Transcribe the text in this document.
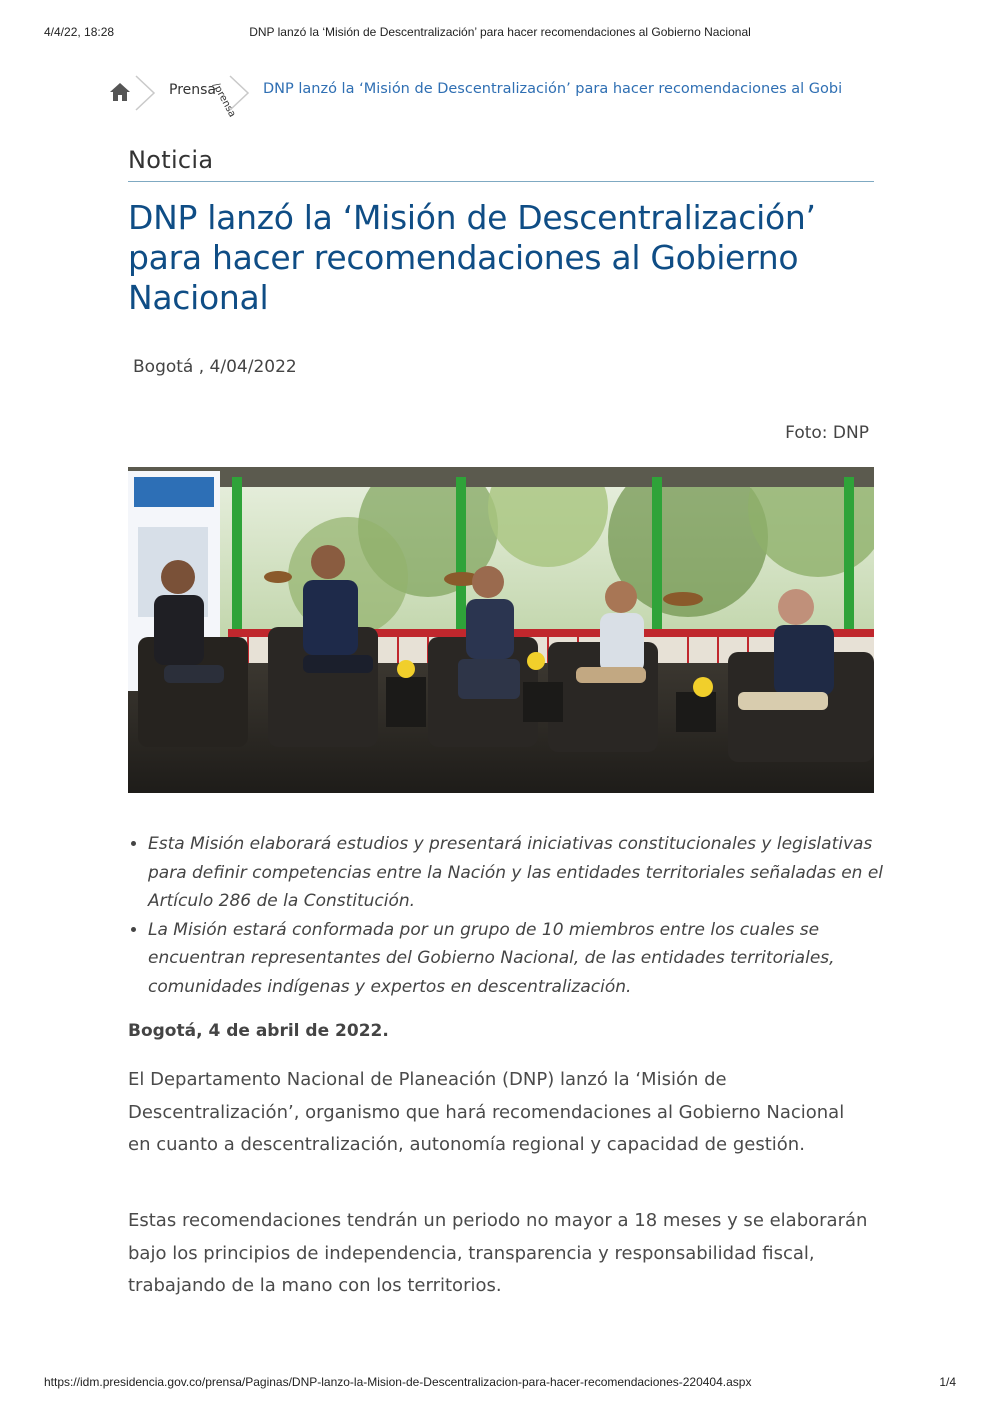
4/4/22, 18:28	DNP lanzó la ‘Misión de Descentralización’ para hacer recomendaciones al Gobierno Nacional
Prensa
/prensa DNP lanzó la ‘Misión de Descentralización’ para hacer recomendaciones al Gobi
Noticia
DNP lanzó la ‘Misión de Descentralización’ para hacer recomendaciones al Gobierno Nacional
Bogotá , 4/04/2022
Foto: DNP
• Esta Misión elaborará estudios y presentará iniciativas constitucionales y legislativas para definir competencias entre la Nación y las entidades territoriales señaladas en el Artículo 286 de la Constitución.
• La Misión estará conformada por un grupo de 10 miembros entre los cuales se encuentran representantes del Gobierno Nacional, de las entidades territoriales, comunidades indígenas y expertos en descentralización.
Bogotá, 4 de abril de 2022.

El Departamento Nacional de Planeación (DNP) lanzó la ‘Misión de Descentralización’, organismo que hará recomendaciones al Gobierno Nacional en cuanto a descentralización, autonomía regional y capacidad de gestión.

Estas recomendaciones tendrán un periodo no mayor a 18 meses y se elaborarán bajo los principios de independencia, transparencia y responsabilidad fiscal, trabajando de la mano con los territorios.

https://idm.presidencia.gov.co/prensa/Paginas/DNP-lanzo-la-Mision-de-Descentralizacion-para-hacer-recomendaciones-220404.aspx	1/4
